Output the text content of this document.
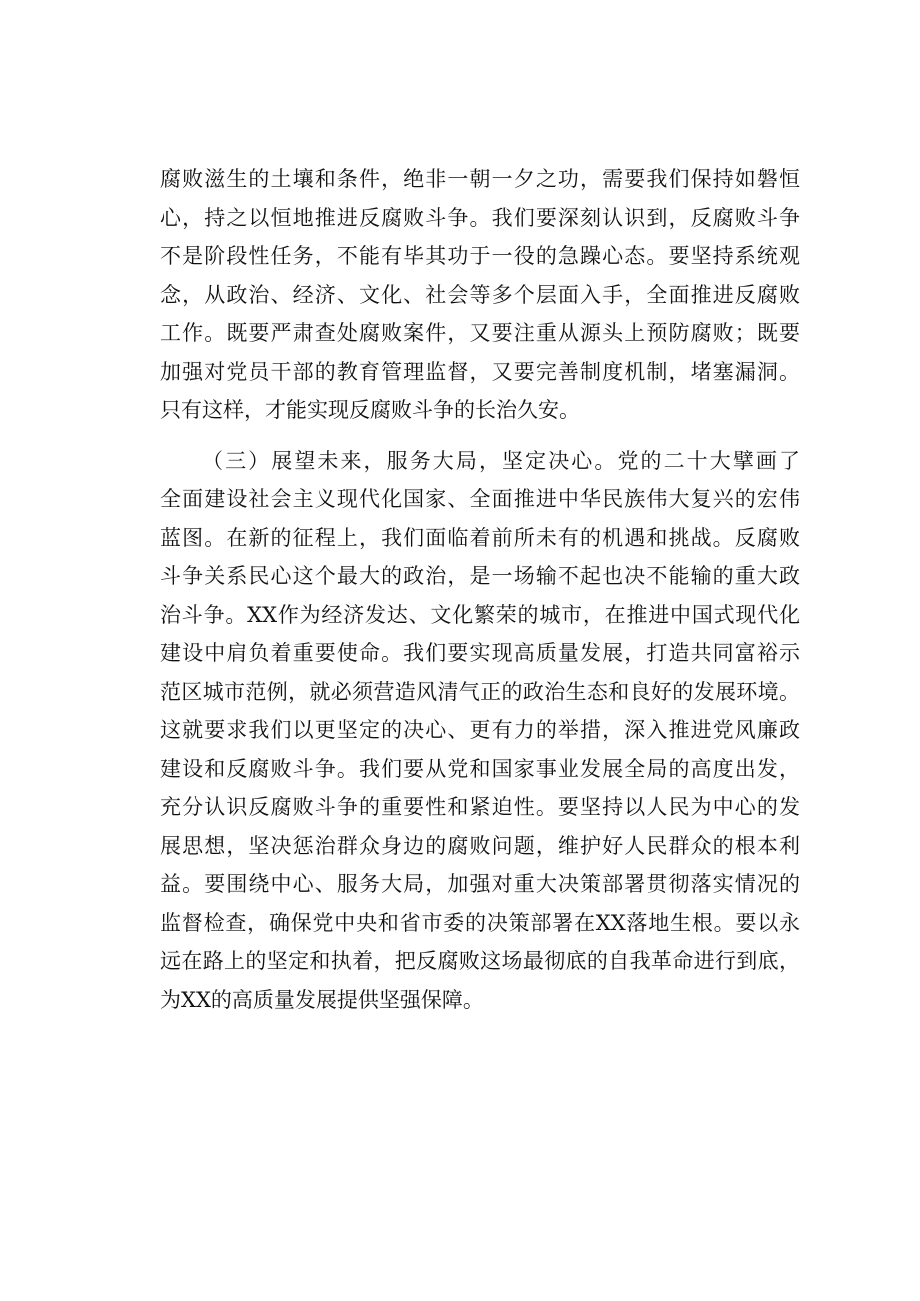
腐败滋生的土壤和条件，绝非一朝一夕之功，需要我们保持如磐恒
心，持之以恒地推进反腐败斗争。我们要深刻认识到，反腐败斗争
不是阶段性任务，不能有毕其功于一役的急躁心态。要坚持系统观
念，从政治、经济、文化、社会等多个层面入手，全面推进反腐败
工作。既要严肃查处腐败案件，又要注重从源头上预防腐败；既要
加强对党员干部的教育管理监督，又要完善制度机制，堵塞漏洞。
只有这样，才能实现反腐败斗争的长治久安。

（三）展望未来，服务大局，坚定决心。党的二十大擘画了
全面建设社会主义现代化国家、全面推进中华民族伟大复兴的宏伟
蓝图。在新的征程上，我们面临着前所未有的机遇和挑战。反腐败
斗争关系民心这个最大的政治，是一场输不起也决不能输的重大政
治斗争。XX作为经济发达、文化繁荣的城市，在推进中国式现代化
建设中肩负着重要使命。我们要实现高质量发展，打造共同富裕示
范区城市范例，就必须营造风清气正的政治生态和良好的发展环境。
这就要求我们以更坚定的决心、更有力的举措，深入推进党风廉政
建设和反腐败斗争。我们要从党和国家事业发展全局的高度出发，
充分认识反腐败斗争的重要性和紧迫性。要坚持以人民为中心的发
展思想，坚决惩治群众身边的腐败问题，维护好人民群众的根本利
益。要围绕中心、服务大局，加强对重大决策部署贯彻落实情况的
监督检查，确保党中央和省市委的决策部署在XX落地生根。要以永
远在路上的坚定和执着，把反腐败这场最彻底的自我革命进行到底，
为XX的高质量发展提供坚强保障。
